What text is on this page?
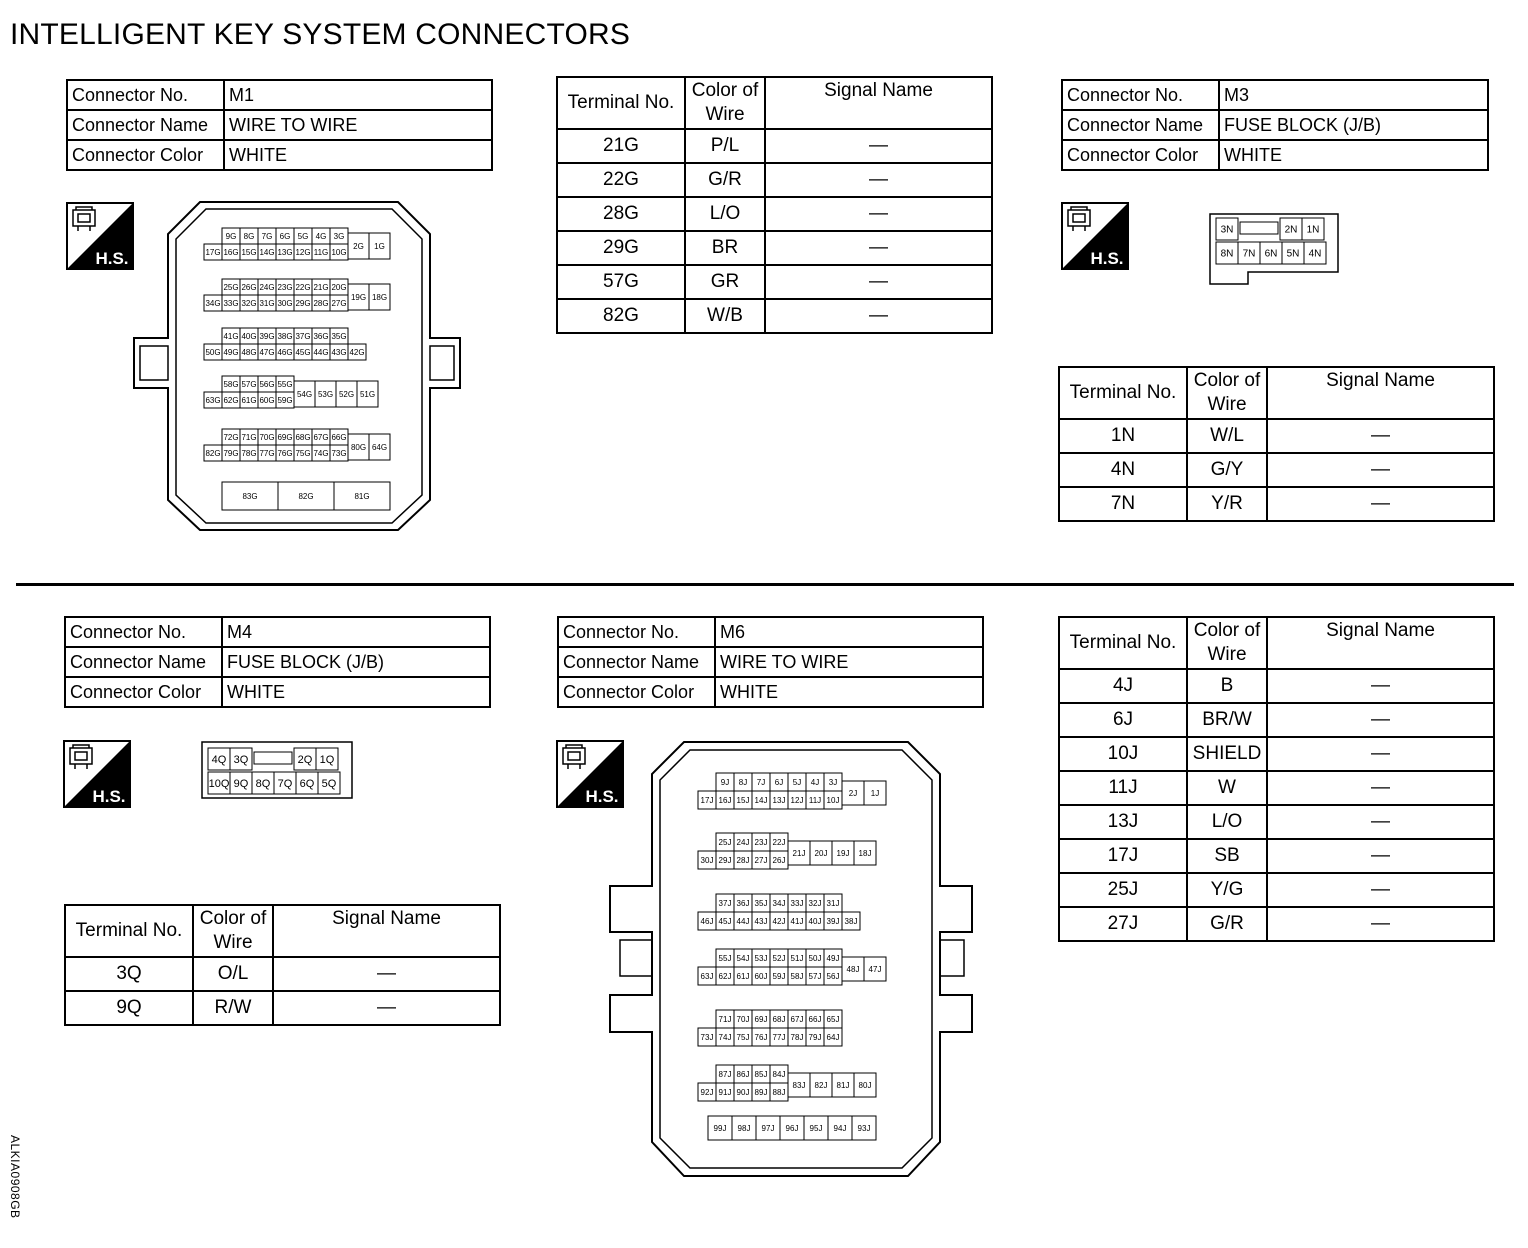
INTELLIGENT KEY SYSTEM CONNECTORS
Connector No.	M1
Connector Name	WIRE TO WIRE
Connector Color	WHITE
Terminal No.	Color of Wire	Signal Name
21G	P/L	—
22G	G/R	—
28G	L/O	—
29G	BR	—
57G	GR	—
82G	W/B	—
Connector No.	M3
Connector Name	FUSE BLOCK (J/B)
Connector Color	WHITE
Terminal No.	Color of Wire	Signal Name
1N	W/L	—
4N	G/Y	—
7N	Y/R	—
Connector No.	M4
Connector Name	FUSE BLOCK (J/B)
Connector Color	WHITE
Terminal No.	Color of Wire	Signal Name
3Q	O/L	—
9Q	R/W	—
Connector No.	M6
Connector Name	WIRE TO WIRE
Connector Color	WHITE
Terminal No.	Color of Wire	Signal Name
4J	B	—
6J	BR/W	—
10J	SHIELD	—
11J	W	—
13J	L/O	—
17J	SB	—
25J	Y/G	—
27J	G/R	—
H.S.	H.S.
H.S.	H.S.
9G 8G 7G 6G 5G 4G 3G
17G 16G 15G 14G 13G 12G 11G 10G
2G 1G
25G 26G 24G 23G 22G 21G 20G
34G 33G 32G 31G 30G 29G 28G 27G
19G 18G
41G 40G 39G 38G 37G 36G 35G
50G 49G 48G 47G 46G 45G 44G 43G 42G
58G 57G 56G 55G
63G 62G 61G 60G 59G
54G 53G 52G 51G
72G 71G 70G 69G 68G 67G 66G
82G 79G 78G 77G 76G 75G 74G 73G
80G 64G
83G	82G	81G
3N	2N 1N
8N 7N 6N 5N 4N
4Q 3Q	2Q 1Q
10Q 9Q 8Q 7Q 6Q 5Q	9J 8J 7J 6J 5J 4J 3J
17J 16J 15J 14J 13J 12J 11J 10J
2J 1J
25J 24J 23J 22J
30J 29J 28J 27J 26J
21J 20J 19J 18J
37J 36J 35J 34J 33J 32J 31J
46J 45J 44J 43J 42J 41J 40J 39J 38J
55J 54J 53J 52J 51J 50J 49J
63J 62J 61J 60J 59J 58J 57J 56J
48J 47J
71J 70J 69J 68J 67J 66J 65J
73J 74J 75J 76J 77J 78J 79J 64J
87J 86J 85J 84J
92J 91J 90J 89J 88J
83J 82J 81J 80J
99J 98J 97J 96J 95J 94J 93J
ALKIA0908GB
